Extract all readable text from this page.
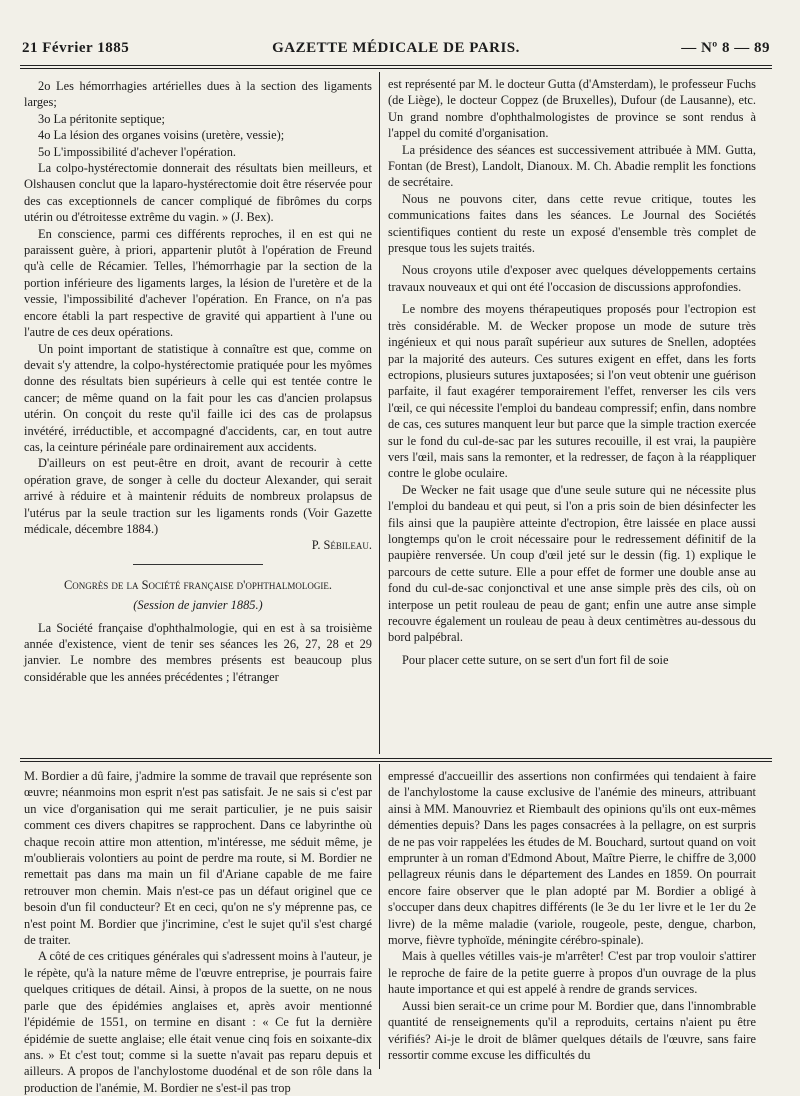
21 Février 1885	GAZETTE MÉDICALE DE PARIS.	— Nº 8 — 89

2o Les hémorrhagies artérielles dues à la section des ligaments larges;

3o La péritonite septique;

4o La lésion des organes voisins (uretère, vessie);

5o L'impossibilité d'achever l'opération.

La colpo-hystérectomie donnerait des résultats bien meilleurs, et Olshausen conclut que la laparo-hystérectomie doit être réservée pour des cas exceptionnels de cancer compliqué de fibrômes du corps utérin ou d'étroitesse extrême du vagin. » (J. Bex).

En conscience, parmi ces différents reproches, il en est qui ne paraissent guère, à priori, appartenir plutôt à l'opération de Freund qu'à celle de Récamier. Telles, l'hémorrhagie par la section de la portion inférieure des ligaments larges, la lésion de l'uretère et de la vessie, l'impossibilité d'achever l'opération. En France, on n'a pas encore établi la part respective de gravité qui appartient à l'une ou l'autre de ces deux opérations.

Un point important de statistique à connaître est que, comme on devait s'y attendre, la colpo-hystérectomie pratiquée pour les myômes donne des résultats bien supérieurs à celle qui est tentée contre le cancer; de même quand on la fait pour les cas d'ancien prolapsus utérin. On conçoit du reste qu'il faille ici des cas de prolapsus invétéré, irréductible, et accompagné d'accidents, car, en tout autre cas, la ceinture périnéale pare ordinairement aux accidents.

D'ailleurs on est peut-être en droit, avant de recourir à cette opération grave, de songer à celle du docteur Alexander, qui serait arrivé à réduire et à maintenir réduits de nombreux prolapsus de l'utérus par la seule traction sur les ligaments ronds (Voir Gazette médicale, décembre 1884.)

P. Sébileau.

Congrès de la Société française d'ophthalmologie.

(Session de janvier 1885.)

La Société française d'ophthalmologie, qui en est à sa troisième année d'existence, vient de tenir ses séances les 26, 27, 28 et 29 janvier. Le nombre des membres présents est beaucoup plus considérable que les années précédentes ; l'étranger

est représenté par M. le docteur Gutta (d'Amsterdam), le professeur Fuchs (de Liège), le docteur Coppez (de Bruxelles), Dufour (de Lausanne), etc. Un grand nombre d'ophthalmologistes de province se sont rendus à l'appel du comité d'organisation.

La présidence des séances est successivement attribuée à MM. Gutta, Fontan (de Brest), Landolt, Dianoux. M. Ch. Abadie remplit les fonctions de secrétaire.

Nous ne pouvons citer, dans cette revue critique, toutes les communications faites dans les séances. Le Journal des Sociétés scientifiques contient du reste un exposé d'ensemble très complet de presque tous les sujets traités.

Nous croyons utile d'exposer avec quelques développements certains travaux nouveaux et qui ont été l'occasion de discussions approfondies.

Le nombre des moyens thérapeutiques proposés pour l'ectropion est très considérable. M. de Wecker propose un mode de suture très ingénieux et qui nous paraît supérieur aux sutures de Snellen, adoptées par la majorité des auteurs. Ces sutures exigent en effet, dans les forts ectropions, plusieurs sutures juxtaposées; si l'on veut obtenir une guérison parfaite, il faut exagérer temporairement l'effet, renverser les cils vers l'œil, ce qui nécessite l'emploi du bandeau compressif; enfin, dans nombre de cas, ces sutures manquent leur but parce que la simple traction exercée sur le fond du cul-de-sac par les sutures recouille, il est vrai, la paupière vers l'œil, mais sans la remonter, et la redresser, de façon à la réappliquer contre le globe oculaire.

De Wecker ne fait usage que d'une seule suture qui ne nécessite plus l'emploi du bandeau et qui peut, si l'on a pris soin de bien désinfecter les fils ainsi que la paupière atteinte d'ectropion, être laissée en place aussi longtemps qu'on le croit nécessaire pour le redressement définitif de la paupière renversée. Un coup d'œil jeté sur le dessin (fig. 1) explique le parcours de cette suture. Elle a pour effet de former une double anse au fond du cul-de-sac conjonctival et une anse simple près des cils, où on interpose un petit rouleau de peau de gant; enfin une autre anse simple recouvre également un rouleau de peau à deux centimètres au-dessous du bord palpébral.

Pour placer cette suture, on se sert d'un fort fil de soie

M. Bordier a dû faire, j'admire la somme de travail que représente son œuvre; néanmoins mon esprit n'est pas satisfait. Je ne sais si c'est par un vice d'organisation qui me serait particulier, je ne puis saisir comment ces divers chapitres se rapprochent. Dans ce labyrinthe où chaque recoin attire mon attention, m'intéresse, me séduit même, je m'oublierais volontiers au point de perdre ma route, si M. Bordier ne remettait pas dans ma main un fil d'Ariane capable de me faire retrouver mon chemin. Mais n'est-ce pas un défaut originel que ce besoin d'un fil conducteur? Et en ceci, qu'on ne s'y méprenne pas, ce n'est point M. Bordier que j'incrimine, c'est le sujet qu'il s'est chargé de traiter.

A côté de ces critiques générales qui s'adressent moins à l'auteur, je le répète, qu'à la nature même de l'œuvre entreprise, je pourrais faire quelques critiques de détail. Ainsi, à propos de la suette, on ne nous parle que des épidémies anglaises et, après avoir mentionné l'épidémie de 1551, on termine en disant : « Ce fut la dernière épidémie de suette anglaise; elle était venue cinq fois en soixante-dix ans. » Et c'est tout; comme si la suette n'avait pas reparu depuis et ailleurs. A propos de l'anchylostome duodénal et de son rôle dans la production de l'anémie, M. Bordier ne s'est-il pas trop

empressé d'accueillir des assertions non confirmées qui tendaient à faire de l'anchylostome la cause exclusive de l'anémie des mineurs, attribuant ainsi à MM. Manouvriez et Riembault des opinions qu'ils ont eux-mêmes démenties depuis? Dans les pages consacrées à la pellagre, on est surpris de ne pas voir rappelées les études de M. Bouchard, surtout quand on voit emprunter à un roman d'Edmond About, Maître Pierre, le chiffre de 3,000 pellagreux réunis dans le département des Landes en 1859. On pourrait encore faire observer que le plan adopté par M. Bordier a obligé à s'occuper dans deux chapitres différents (le 3e du 1er livre et le 1er du 2e livre) de la même maladie (variole, rougeole, peste, dengue, charbon, morve, fièvre typhoïde, méningite cérébro-spinale).

Mais à quelles vétilles vais-je m'arrêter! C'est par trop vouloir s'attirer le reproche de faire de la petite guerre à propos d'un ouvrage de la plus haute importance et qui est appelé à rendre de grands services.

Aussi bien serait-ce un crime pour M. Bordier que, dans l'innombrable quantité de renseignements qu'il a reproduits, certains n'aient pu être vérifiés? Ai-je le droit de blâmer quelques détails de l'œuvre, sans faire ressortir comme excuse les difficultés du
